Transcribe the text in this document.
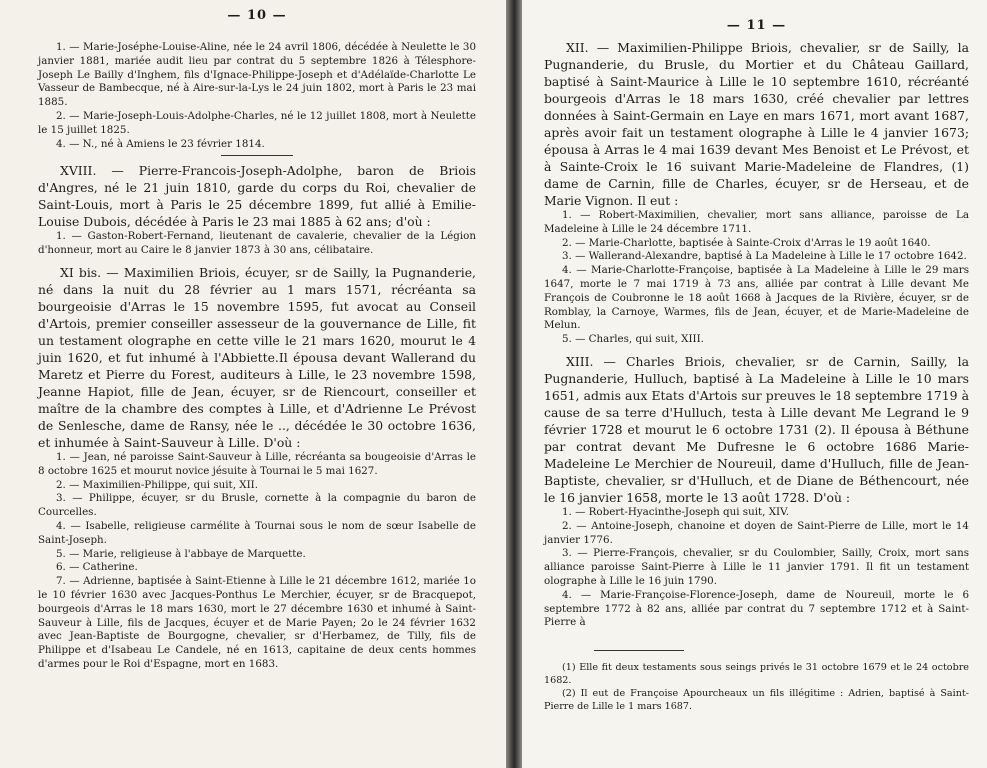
— 10 —

1. — Marie-Joséphe-Louise-Aline, née le 24 avril 1806, décédée à Neulette le 30 janvier 1881, mariée audit lieu par contrat du 5 septembre 1826 à Télesphore-Joseph Le Bailly d'Inghem, fils d'Ignace-Philippe-Joseph et d'Adélaïde-Charlotte Le Vasseur de Bambecque, né à Aire-sur-la-Lys le 24 juin 1802, mort à Paris le 23 mai 1885.

2. — Marie-Joseph-Louis-Adolphe-Charles, né le 12 juillet 1808, mort à Neulette le 15 juillet 1825.

4. — N., né à Amiens le 23 février 1814.

XVIII. — Pierre-Francois-Joseph-Adolphe, baron de Briois d'Angres, né le 21 juin 1810, garde du corps du Roi, chevalier de Saint-Louis, mort à Paris le 25 décembre 1899, fut allié à Emilie-Louise Dubois, décédée à Paris le 23 mai 1885 à 62 ans; d'où :

1. — Gaston-Robert-Fernand, lieutenant de cavalerie, chevalier de la Légion d'honneur, mort au Caire le 8 janvier 1873 à 30 ans, célibataire.

XI bis. — Maximilien Briois, écuyer, sr de Sailly, la Pugnanderie, né dans la nuit du 28 février au 1 mars 1571, récréanta sa bourgeoisie d'Arras le 15 novembre 1595, fut avocat au Conseil d'Artois, premier conseiller assesseur de la gouvernance de Lille, fit un testament olographe en cette ville le 21 mars 1620, mourut le 4 juin 1620, et fut inhumé à l'Abbiette.Il épousa devant Wallerand du Maretz et Pierre du Forest, auditeurs à Lille, le 23 novembre 1598, Jeanne Hapiot, fille de Jean, écuyer, sr de Riencourt, conseiller et maître de la chambre des comptes à Lille, et d'Adrienne Le Prévost de Senlesche, dame de Ransy, née le .., décédée le 30 octobre 1636, et inhumée à Saint-Sauveur à Lille. D'où :

1. — Jean, né paroisse Saint-Sauveur à Lille, récréanta sa bougeoisie d'Arras le 8 octobre 1625 et mourut novice jésuite à Tournai le 5 mai 1627.

2. — Maximilien-Philippe, qui suit, XII.

3. — Philippe, écuyer, sr du Brusle, cornette à la compagnie du baron de Courcelles.

4. — Isabelle, religieuse carmélite à Tournai sous le nom de sœur Isabelle de Saint-Joseph.

5. — Marie, religieuse à l'abbaye de Marquette.

6. — Catherine.

7. — Adrienne, baptisée à Saint-Etienne à Lille le 21 décembre 1612, mariée 1o le 10 février 1630 avec Jacques-Ponthus Le Merchier, écuyer, sr de Bracquepot, bourgeois d'Arras le 18 mars 1630, mort le 27 décembre 1630 et inhumé à Saint-Sauveur à Lille, fils de Jacques, écuyer et de Marie Payen; 2o le 24 février 1632 avec Jean-Baptiste de Bourgogne, chevalier, sr d'Herbamez, de Tilly, fils de Philippe et d'Isabeau Le Candele, né en 1613, capitaine de deux cents hommes d'armes pour le Roi d'Espagne, mort en 1683.

— 11 —

XII. — Maximilien-Philippe Briois, chevalier, sr de Sailly, la Pugnanderie, du Brusle, du Mortier et du Château Gaillard, baptisé à Saint-Maurice à Lille le 10 septembre 1610, récréanté bourgeois d'Arras le 18 mars 1630, créé chevalier par lettres données à Saint-Germain en Laye en mars 1671, mort avant 1687, après avoir fait un testament olographe à Lille le 4 janvier 1673; épousa à Arras le 4 mai 1639 devant Mes Benoist et Le Prévost, et à Sainte-Croix le 16 suivant Marie-Madeleine de Flandres, (1) dame de Carnin, fille de Charles, écuyer, sr de Herseau, et de Marie Vignon. Il eut :

1. — Robert-Maximilien, chevalier, mort sans alliance, paroisse de La Madeleine à Lille le 24 décembre 1711.

2. — Marie-Charlotte, baptisée à Sainte-Croix d'Arras le 19 août 1640.

3. — Wallerand-Alexandre, baptisé à La Madeleine à Lille le 17 octobre 1642.

4. — Marie-Charlotte-Françoise, baptisée à La Madeleine à Lille le 29 mars 1647, morte le 7 mai 1719 à 73 ans, alliée par contrat à Lille devant Me François de Coubronne le 18 août 1668 à Jacques de la Rivière, écuyer, sr de Romblay, la Carnoye, Warmes, fils de Jean, écuyer, et de Marie-Madeleine de Melun.

5. — Charles, qui suit, XIII.

XIII. — Charles Briois, chevalier, sr de Carnin, Sailly, la Pugnanderie, Hulluch, baptisé à La Madeleine à Lille le 10 mars 1651, admis aux Etats d'Artois sur preuves le 18 septembre 1719 à cause de sa terre d'Hulluch, testa à Lille devant Me Legrand le 9 février 1728 et mourut le 6 octobre 1731 (2). Il épousa à Béthune par contrat devant Me Dufresne le 6 octobre 1686 Marie-Madeleine Le Merchier de Noureuil, dame d'Hulluch, fille de Jean-Baptiste, chevalier, sr d'Hulluch, et de Diane de Béthencourt, née le 16 janvier 1658, morte le 13 août 1728. D'où :

1. — Robert-Hyacinthe-Joseph qui suit, XIV.

2. — Antoine-Joseph, chanoine et doyen de Saint-Pierre de Lille, mort le 14 janvier 1776.

3. — Pierre-François, chevalier, sr du Coulombier, Sailly, Croix, mort sans alliance paroisse Saint-Pierre à Lille le 11 janvier 1791. Il fit un testament olographe à Lille le 16 juin 1790.

4. — Marie-Françoise-Florence-Joseph, dame de Noureuil, morte le 6 septembre 1772 à 82 ans, alliée par contrat du 7 septembre 1712 et à Saint-Pierre à

(1) Elle fit deux testaments sous seings privés le 31 octobre 1679 et le 24 octobre 1682.

(2) Il eut de Françoise Apourcheaux un fils illégitime : Adrien, baptisé à Saint-Pierre de Lille le 1 mars 1687.
